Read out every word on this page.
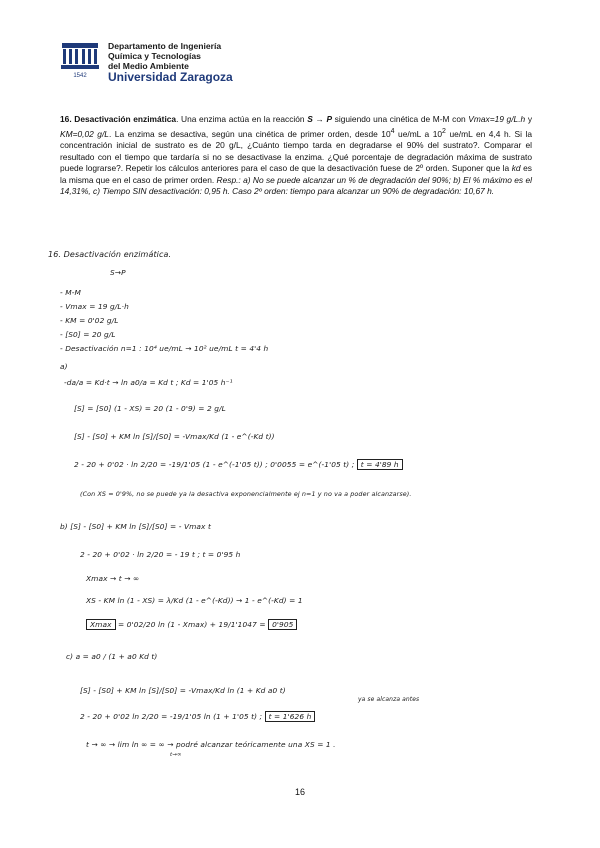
1542
Departamento de Ingeniería
Química y Tecnologías
del Medio Ambiente
Universidad Zaragoza
16. Desactivación enzimática. Una enzima actúa en la reacción S → P siguiendo una cinética de M-M con Vmax=19 g/L.h y KM=0,02 g/L. La enzima se desactiva, según una cinética de primer orden, desde $10^4$ ue/mL a $10^2$ ue/mL en 4,4 h. Si la concentración inicial de sustrato es de 20 g/L, ¿Cuánto tiempo tarda en degradarse el 90% del sustrato?. Comparar el resultado con el tiempo que tardaría si no se desactivase la enzima. ¿Qué porcentaje de degradación máxima de sustrato puede lograrse?. Repetir los cálculos anteriores para el caso de que la desactivación fuese de 2º orden. Suponer que la kd es la misma que en el caso de primer orden. Resp.: a) No se puede alcanzar un % de degradación del 90%; b) El % máximo es el 14,31%, c) Tiempo SIN desactivación: 0,95 h. Caso 2º orden: tiempo para alcanzar un 90% de degradación: 10,67 h.
16. Desactivación enzimática.
S→P
- M-M
- Vmax = 19 g/L·h
- KM = 0'02 g/L
- [S0] = 20 g/L
- Desactivación n=1 : 10⁴ ue/mL → 10² ue/mL t = 4'4 h
a)
-da/a = Kd·t → ln a0/a = Kd t ; Kd = 1'05 h⁻¹
[S] = [S0] (1 - XS) = 20 (1 - 0'9) = 2 g/L
[S] - [S0] + KM ln [S]/[S0] = -Vmax/Kd (1 - e^(-Kd t))
2 - 20 + 0'02 · ln 2/20 = -19/1'05 (1 - e^(-1'05 t)) ; 0'0055 = e^(-1'05 t) ; t = 4'89 h
(Con XS = 0'9%, no se puede ya la desactiva exponencialmente ej n=1 y no va a poder alcanzarse).
b) [S] - [S0] + KM ln [S]/[S0] = - Vmax t
2 - 20 + 0'02 · ln 2/20 = - 19 t ; t = 0'95 h
Xmax → t → ∞
XS - KM ln (1 - XS) = λ/Kd (1 - e^(-Kd)) → 1 - e^(-Kd) = 1
Xmax = 0'02/20 ln (1 - Xmax) + 19/1'1047 = 0'905
c) a = a0 / (1 + a0 Kd t)
[S] - [S0] + KM ln [S]/[S0] = -Vmax/Kd ln (1 + Kd a0 t)
ya se alcanza antes
2 - 20 + 0'02 ln 2/20 = -19/1'05 ln (1 + 1'05 t) ; t = 1'626 h
t → ∞ → lim ln ∞ = ∞ → podré alcanzar teóricamente una XS = 1 .
t→∞
16
